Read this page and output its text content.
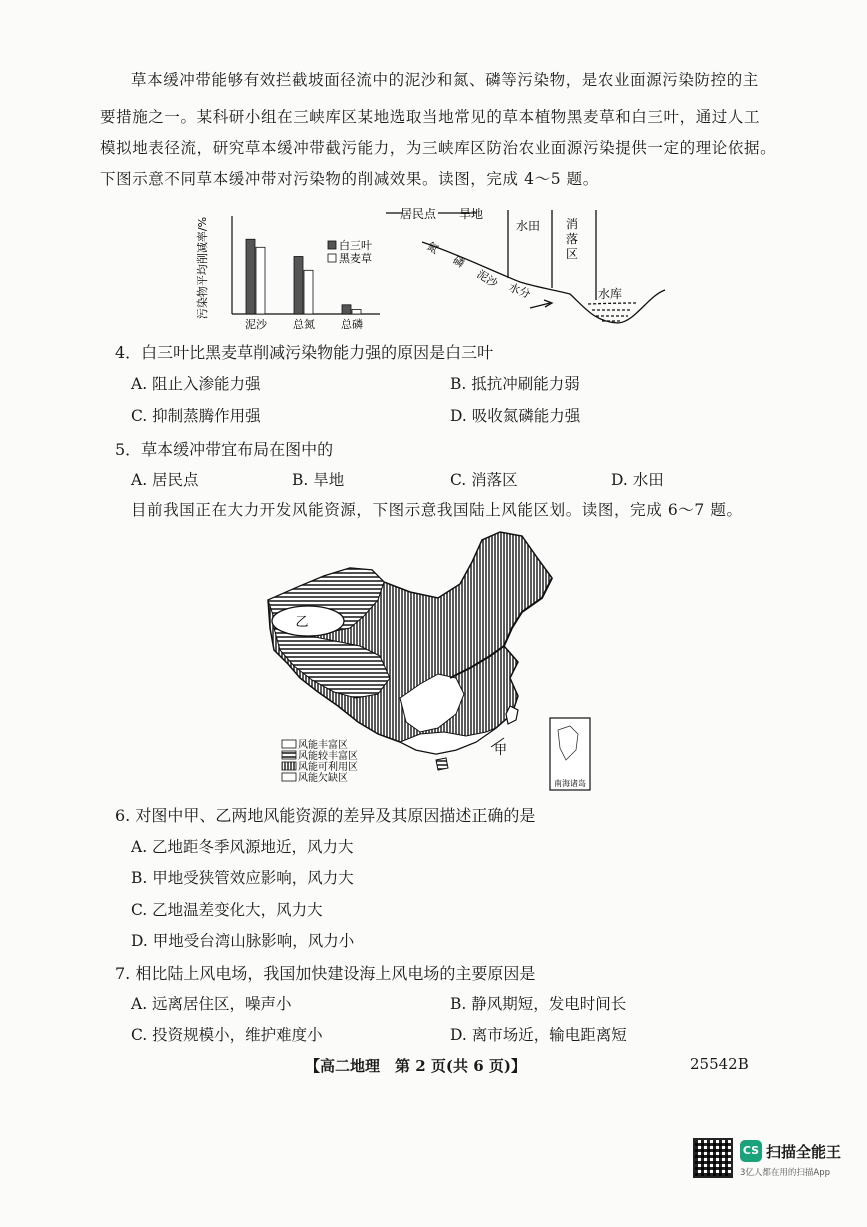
草本缓冲带能够有效拦截坡面径流中的泥沙和氮、磷等污染物，是农业面源污染防控的主
要措施之一。某科研小组在三峡库区某地选取当地常见的草本植物黑麦草和白三叶，通过人工
模拟地表径流，研究草本缓冲带截污能力，为三峡库区防治农业面源污染提供一定的理论依据。
下图示意不同草本缓冲带对污染物的削减效果。读图，完成 4～5 题。
污染物平均削减率/%
泥沙 总氮 总磷
白三叶
黑麦草
居民点 旱地
水田 消
落
区
水库
氮
磷
泥沙
水分
4．白三叶比黑麦草削减污染物能力强的原因是白三叶
A. 阻止入渗能力强	B. 抵抗冲刷能力弱
C. 抑制蒸腾作用强	D. 吸收氮磷能力强
5．草本缓冲带宜布局在图中的
A. 居民点	B. 旱地	C. 消落区	D. 水田
目前我国正在大力开发风能资源，下图示意我国陆上风能区划。读图，完成 6～7 题。
乙
甲
南海诸岛
风能丰富区
风能较丰富区
风能可利用区
风能欠缺区
6. 对图中甲、乙两地风能资源的差异及其原因描述正确的是
A. 乙地距冬季风源地近，风力大
B. 甲地受狭管效应影响，风力大
C. 乙地温差变化大，风力大
D. 甲地受台湾山脉影响，风力小
7. 相比陆上风电场，我国加快建设海上风电场的主要原因是
A. 远离居住区，噪声小	B. 静风期短，发电时间长
C. 投资规模小，维护难度小	D. 离市场近，输电距离短
【高二地理　第 2 页(共 6 页)】	25542B
CS 扫描全能王
3亿人都在用的扫描App
